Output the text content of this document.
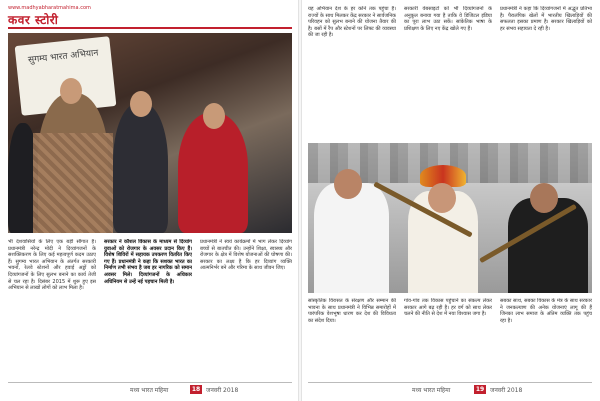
www.madhyabharatmahima.com
कवर स्टोरी
सुगम्य भारत अभियान

भी देशवासियों के लिए एक बड़ी सौगात है। प्रधानमंत्री नरेन्द्र मोदी ने दिव्यांगजनों के सशक्तिकरण के लिए कई महत्वपूर्ण कदम उठाए हैं। सुगम्य भारत अभियान के अंतर्गत सरकारी भवनों, रेलवे स्टेशनों और हवाई अड्डों को दिव्यांगजनों के लिए सुलभ बनाने का कार्य तेजी से चल रहा है। दिसंबर 2015 में शुरू हुए इस अभियान से लाखों लोगों को लाभ मिला है।

सरकार ने कौशल विकास के माध्यम से दिव्यांग युवाओं को रोजगार के अवसर प्रदान किए हैं। विशेष शिविरों में सहायक उपकरण वितरित किए गए हैं। प्रधानमंत्री ने कहा कि सशक्त भारत का निर्माण तभी संभव है जब हर नागरिक को समान अवसर मिले। दिव्यांगजनों के अधिकार अधिनियम से उन्हें नई पहचान मिली है।

प्रधानमंत्री ने स्वयं कार्यक्रमों में भाग लेकर दिव्यांग बच्चों से बातचीत की। उन्होंने शिक्षा, स्वास्थ्य और रोजगार के क्षेत्र में विशेष योजनाओं की घोषणा की। सरकार का लक्ष्य है कि हर दिव्यांग व्यक्ति आत्मनिर्भर बने और गरिमा के साथ जीवन जिए।

मध्य भारत महिमा	18 जनवरी 2018

यह अभियान देश के हर कोने तक पहुंचा है। राज्यों के साथ मिलकर केंद्र सरकार ने सार्वजनिक परिवहन को सुलभ बनाने की योजना तैयार की है। बसों में रैंप और स्टेशनों पर लिफ्ट की व्यवस्था की जा रही है।

सरकारी वेबसाइटों को भी दिव्यांगजनों के अनुकूल बनाया गया है ताकि वे डिजिटल इंडिया का पूरा लाभ उठा सकें। सांकेतिक भाषा के प्रशिक्षण के लिए नए केंद्र खोले गए हैं।

प्रधानमंत्री ने कहा कि दिव्यांगजनों में अद्भुत प्रतिभा है। पैरालंपिक खेलों में भारतीय खिलाड़ियों की सफलता इसका प्रमाण है। सरकार खिलाड़ियों को हर संभव सहायता दे रही है।

सांस्कृतिक विरासत के संरक्षण और सम्मान की भावना के साथ प्रधानमंत्री ने विभिन्न समारोहों में पारंपरिक वेशभूषा धारण कर देश की विविधता का संदेश दिया।

गांव-गांव तक विकास पहुंचाने का संकल्प लेकर सरकार आगे बढ़ रही है। हर वर्ग को साथ लेकर चलने की नीति से देश में नया विश्वास जगा है।

सबका साथ, सबका विकास के मंत्र के साथ सरकार ने जनकल्याण की अनेक योजनाएं लागू की हैं जिनका लाभ समाज के अंतिम व्यक्ति तक पहुंच रहा है।

मध्य भारत महिमा	19 जनवरी 2018
